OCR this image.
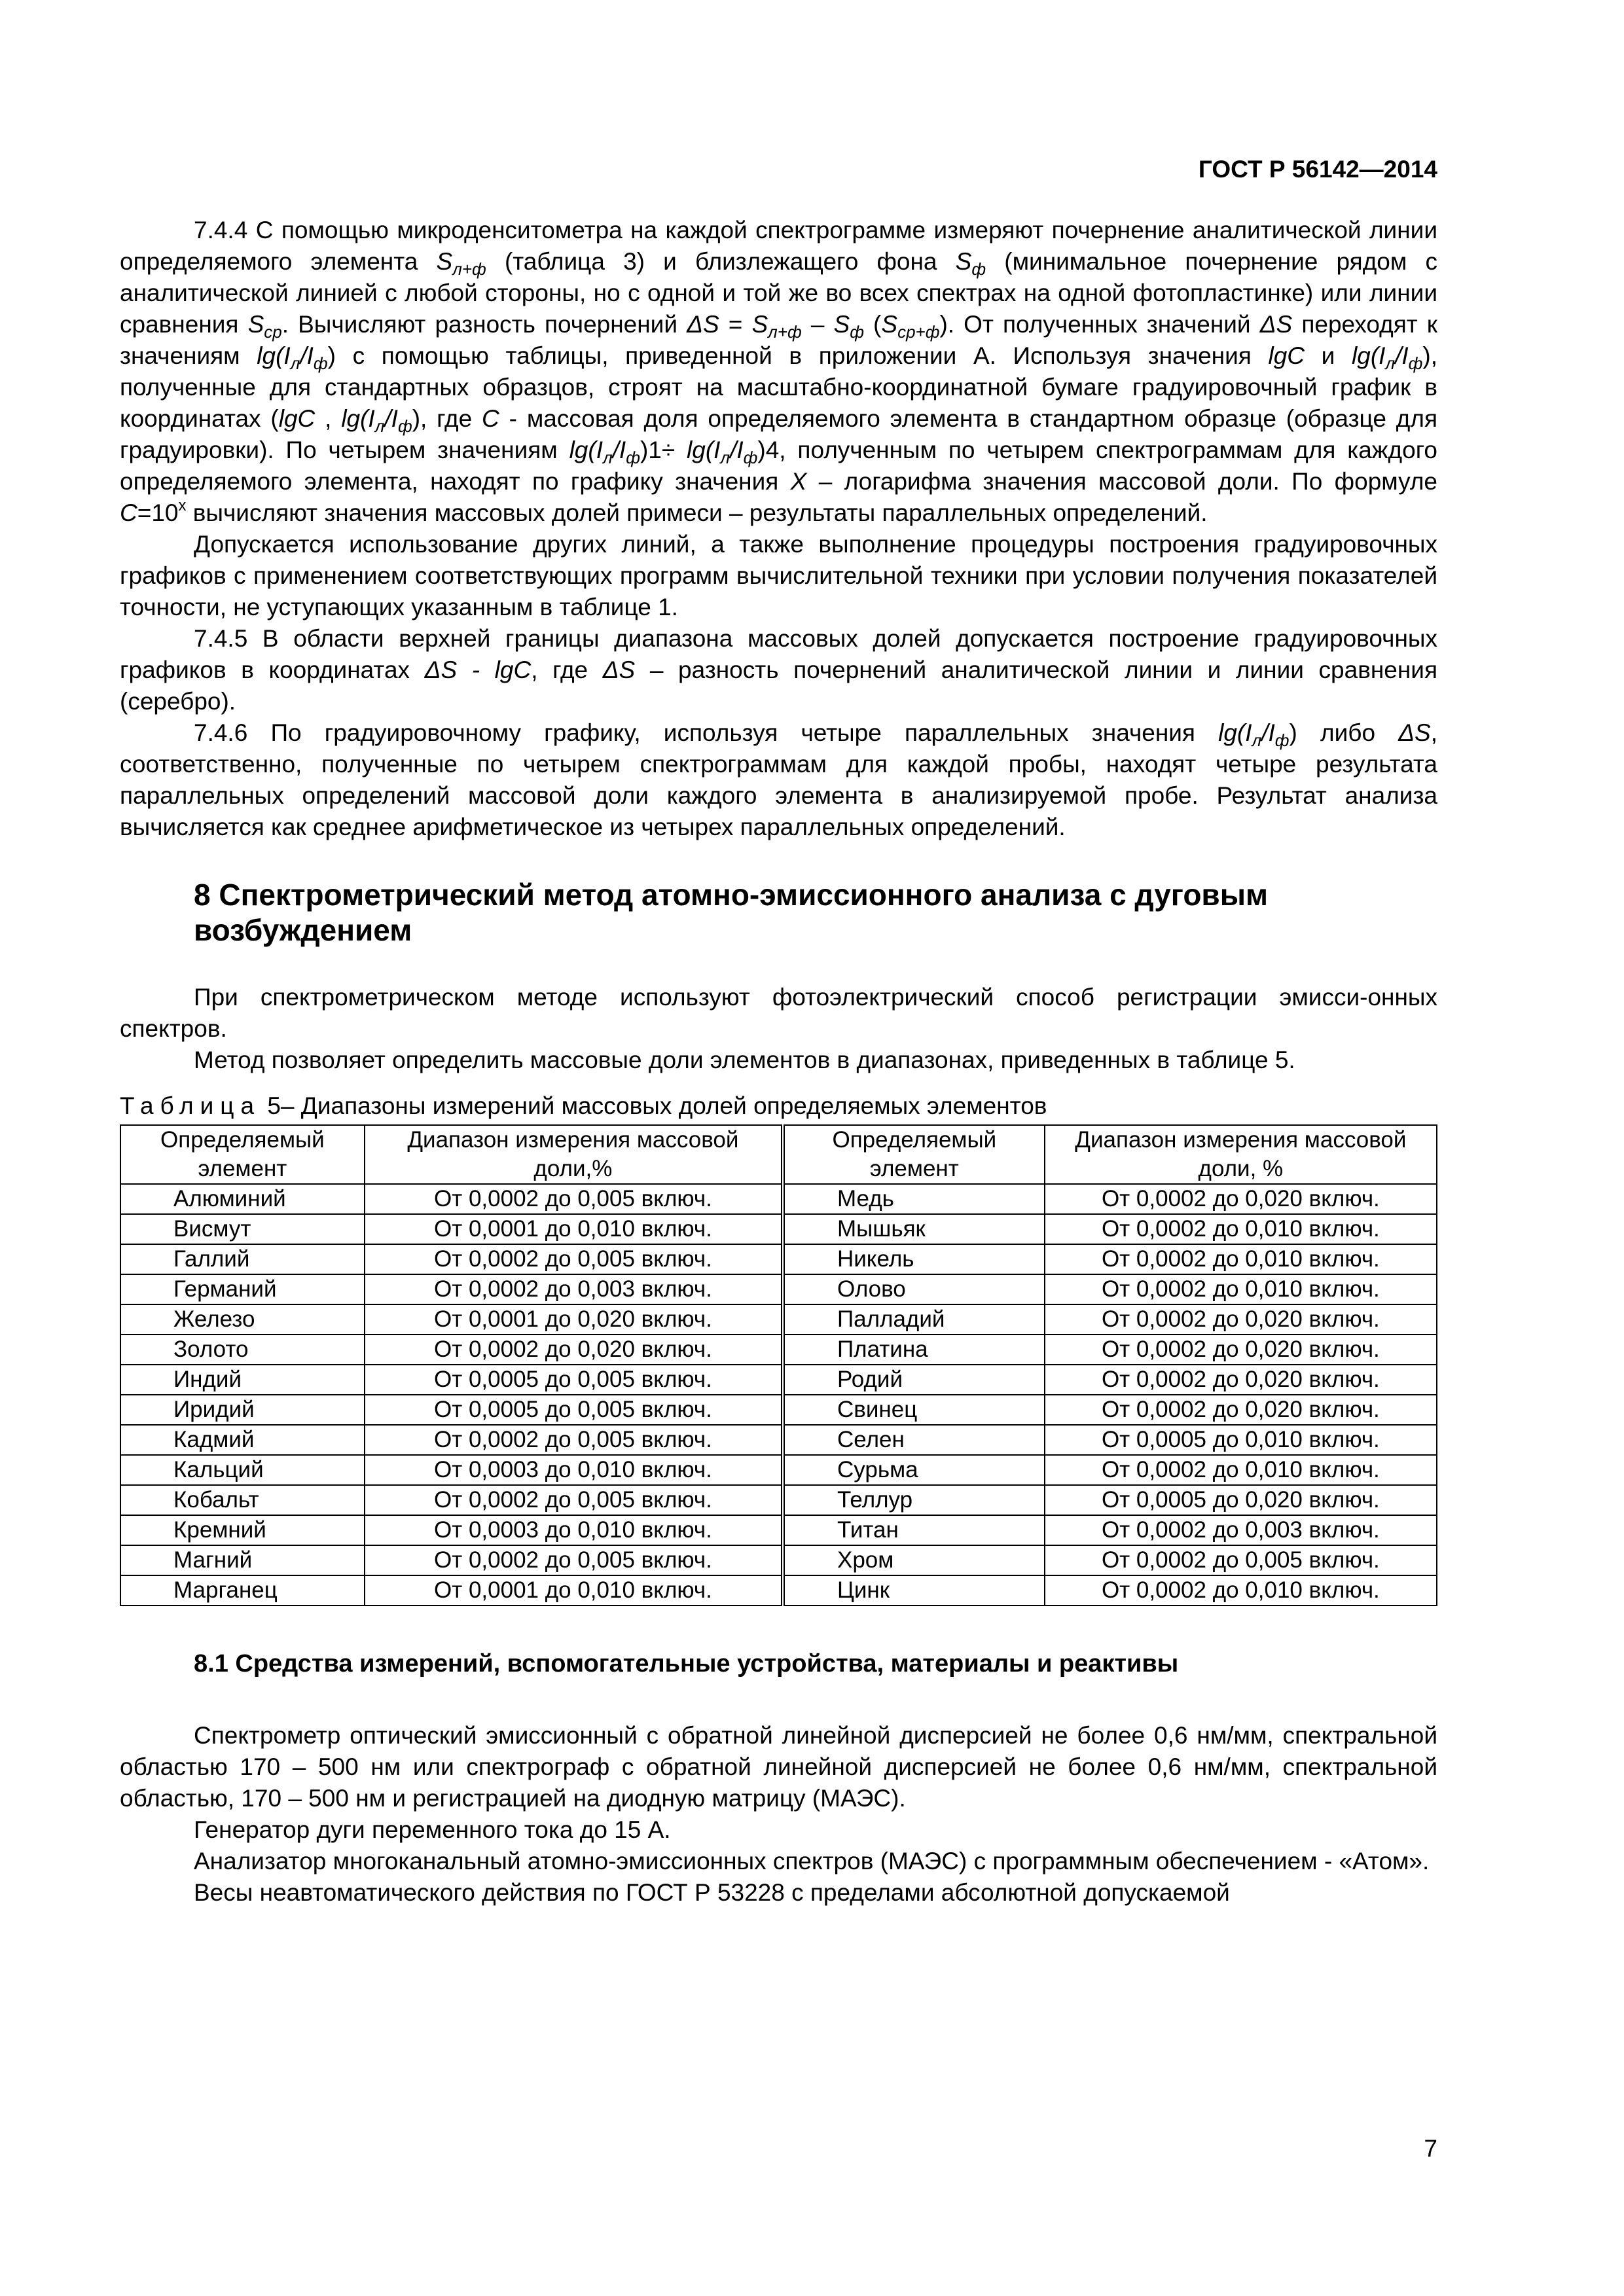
ГОСТ Р 56142—2014

7.4.4 С помощью микроденситометра на каждой спектрограмме измеряют почернение аналитической линии определяемого элемента $S_{л+ф}$ (таблица 3) и близлежащего фона $S_ф$ (минимальное почернение рядом с аналитической линией с любой стороны, но с одной и той же во всех спектрах на одной фотопластинке) или линии сравнения $S_{ср}$. Вычисляют разность почернений $\Delta S = S_{л+ф} - S_ф$ $(S_{ср+ф})$. От полученных значений ΔS переходят к значениям $\lg(I_л/I_ф)$ с помощью таблицы, приведенной в приложении А. Используя значения lgC и $\lg(I_л/I_ф)$, полученные для стандартных образцов, строят на масштабно-координатной бумаге градуировочный график в координатах (lgC , $\lg(I_л/I_ф)$, где С - массовая доля определяемого элемента в стандартном образце (образце для градуировки). По четырем значениям $\lg(I_л/I_ф)1\div \lg(I_л/I_ф)4$, полученным по четырем спектрограммам для каждого определяемого элемента, находят по графику значения X – логарифма значения массовой доли. По формуле $С=10^x$ вычисляют значения массовых долей примеси – результаты параллельных определений.

Допускается использование других линий, а также выполнение процедуры построения градуировочных графиков с применением соответствующих программ вычислительной техники при условии получения показателей точности, не уступающих указанным в таблице 1.

7.4.5 В области верхней границы диапазона массовых долей допускается построение градуировочных графиков в координатах ΔS - lgC, где ΔS – разность почернений аналитической линии и линии сравнения (серебро).

7.4.6 По градуировочному графику, используя четыре параллельных значения $\lg(I_л/I_ф)$ либо ΔS, соответственно, полученные по четырем спектрограммам для каждой пробы, находят четыре результата параллельных определений массовой доли каждого элемента в анализируемой пробе. Результат анализа вычисляется как среднее арифметическое из четырех параллельных определений.

8 Спектрометрический метод атомно-эмиссионного анализа с дуговым возбуждением

При спектрометрическом методе используют фотоэлектрический способ регистрации эмисси-онных спектров.

Метод позволяет определить массовые доли элементов в диапазонах, приведенных в таблице 5.

Таблица 5– Диапазоны измерений массовых долей определяемых элементов
Определяемый элемент	Диапазон измерения массовой доли,%	Определяемый элемент	Диапазон измерения массовой доли, %
Алюминий	От 0,0002 до 0,005 включ.	Медь	От 0,0002 до 0,020 включ.
Висмут	От 0,0001 до 0,010 включ.	Мышьяк	От 0,0002 до 0,010 включ.
Галлий	От 0,0002 до 0,005 включ.	Никель	От 0,0002 до 0,010 включ.
Германий	От 0,0002 до 0,003 включ.	Олово	От 0,0002 до 0,010 включ.
Железо	От 0,0001 до 0,020 включ.	Палладий	От 0,0002 до 0,020 включ.
Золото	От 0,0002 до 0,020 включ.	Платина	От 0,0002 до 0,020 включ.
Индий	От 0,0005 до 0,005 включ.	Родий	От 0,0002 до 0,020 включ.
Иридий	От 0,0005 до 0,005 включ.	Свинец	От 0,0002 до 0,020 включ.
Кадмий	От 0,0002 до 0,005 включ.	Селен	От 0,0005 до 0,010 включ.
Кальций	От 0,0003 до 0,010 включ.	Сурьма	От 0,0002 до 0,010 включ.
Кобальт	От 0,0002 до 0,005 включ.	Теллур	От 0,0005 до 0,020 включ.
Кремний	От 0,0003 до 0,010 включ.	Титан	От 0,0002 до 0,003 включ.
Магний	От 0,0002 до 0,005 включ.	Хром	От 0,0002 до 0,005 включ.
Марганец	От 0,0001 до 0,010 включ.	Цинк	От 0,0002 до 0,010 включ.
8.1 Средства измерений, вспомогательные устройства, материалы и реактивы

Спектрометр оптический эмиссионный с обратной линейной дисперсией не более 0,6 нм/мм, спектральной областью 170 – 500 нм или спектрограф с обратной линейной дисперсией не более 0,6 нм/мм, спектральной областью, 170 – 500 нм и регистрацией на диодную матрицу (МАЭС).

Генератор дуги переменного тока до 15 А.

Анализатор многоканальный атомно-эмиссионных спектров (МАЭС) с программным обеспечением - «Атом».

Весы неавтоматического действия по ГОСТ Р 53228 с пределами абсолютной допускаемой

7
